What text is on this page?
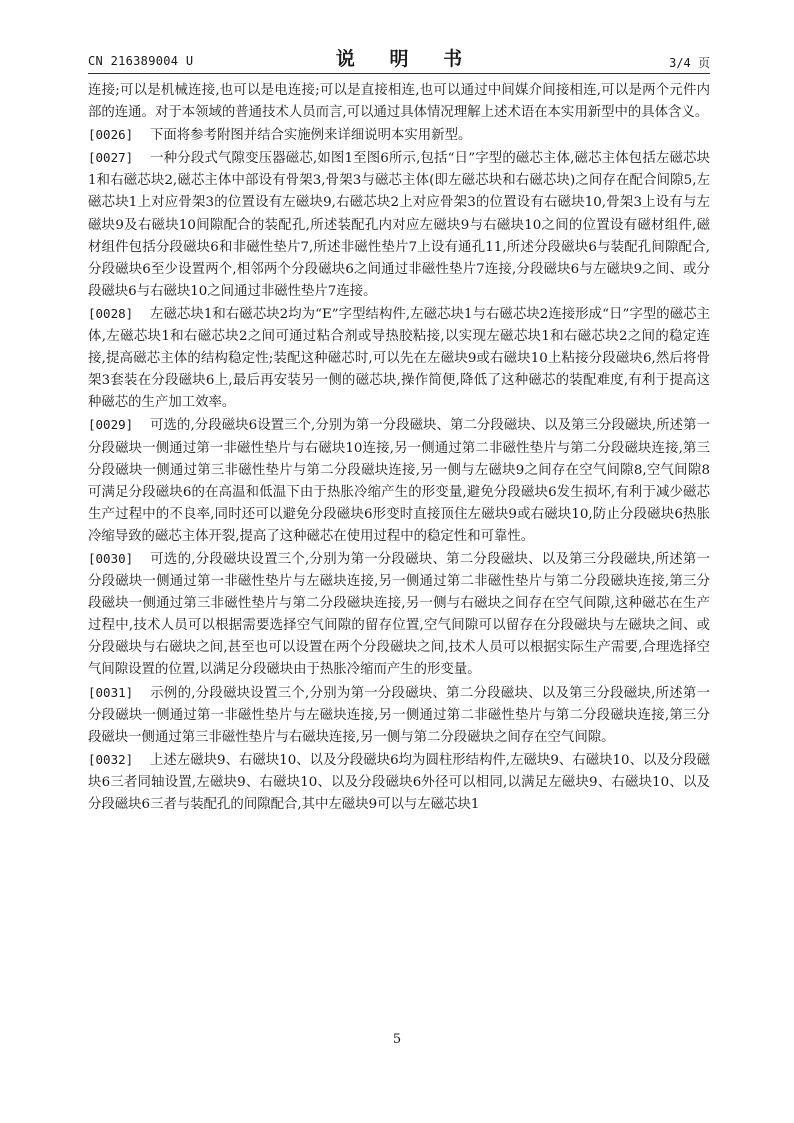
CN 216389004 U	说 明 书	3/4 页

连接;可以是机械连接,也可以是电连接;可以是直接相连,也可以通过中间媒介间接相连,可以是两个元件内部的连通。对于本领域的普通技术人员而言,可以通过具体情况理解上述术语在本实用新型中的具体含义。

[0026] 下面将参考附图并结合实施例来详细说明本实用新型。

[0027] 一种分段式气隙变压器磁芯,如图1至图6所示,包括“日”字型的磁芯主体,磁芯主体包括左磁芯块1和右磁芯块2,磁芯主体中部设有骨架3,骨架3与磁芯主体(即左磁芯块和右磁芯块)之间存在配合间隙5,左磁芯块1上对应骨架3的位置设有左磁块9,右磁芯块2上对应骨架3的位置设有右磁块10,骨架3上设有与左磁块9及右磁块10间隙配合的装配孔,所述装配孔内对应左磁块9与右磁块10之间的位置设有磁材组件,磁材组件包括分段磁块6和非磁性垫片7,所述非磁性垫片7上设有通孔11,所述分段磁块6与装配孔间隙配合,分段磁块6至少设置两个,相邻两个分段磁块6之间通过非磁性垫片7连接,分段磁块6与左磁块9之间、或分段磁块6与右磁块10之间通过非磁性垫片7连接。

[0028] 左磁芯块1和右磁芯块2均为“E”字型结构件,左磁芯块1与右磁芯块2连接形成“日”字型的磁芯主体,左磁芯块1和右磁芯块2之间可通过粘合剂或导热胶粘接,以实现左磁芯块1和右磁芯块2之间的稳定连接,提高磁芯主体的结构稳定性;装配这种磁芯时,可以先在左磁块9或右磁块10上粘接分段磁块6,然后将骨架3套装在分段磁块6上,最后再安装另一侧的磁芯块,操作简便,降低了这种磁芯的装配难度,有利于提高这种磁芯的生产加工效率。

[0029] 可选的,分段磁块6设置三个,分别为第一分段磁块、第二分段磁块、以及第三分段磁块,所述第一分段磁块一侧通过第一非磁性垫片与右磁块10连接,另一侧通过第二非磁性垫片与第二分段磁块连接,第三分段磁块一侧通过第三非磁性垫片与第二分段磁块连接,另一侧与左磁块9之间存在空气间隙8,空气间隙8可满足分段磁块6的在高温和低温下由于热胀冷缩产生的形变量,避免分段磁块6发生损坏,有利于减少磁芯生产过程中的不良率,同时还可以避免分段磁块6形变时直接顶住左磁块9或右磁块10,防止分段磁块6热胀冷缩导致的磁芯主体开裂,提高了这种磁芯在使用过程中的稳定性和可靠性。

[0030] 可选的,分段磁块设置三个,分别为第一分段磁块、第二分段磁块、以及第三分段磁块,所述第一分段磁块一侧通过第一非磁性垫片与左磁块连接,另一侧通过第二非磁性垫片与第二分段磁块连接,第三分段磁块一侧通过第三非磁性垫片与第二分段磁块连接,另一侧与右磁块之间存在空气间隙,这种磁芯在生产过程中,技术人员可以根据需要选择空气间隙的留存位置,空气间隙可以留存在分段磁块与左磁块之间、或分段磁块与右磁块之间,甚至也可以设置在两个分段磁块之间,技术人员可以根据实际生产需要,合理选择空气间隙设置的位置,以满足分段磁块由于热胀冷缩而产生的形变量。

[0031] 示例的,分段磁块设置三个,分别为第一分段磁块、第二分段磁块、以及第三分段磁块,所述第一分段磁块一侧通过第一非磁性垫片与左磁块连接,另一侧通过第二非磁性垫片与第二分段磁块连接,第三分段磁块一侧通过第三非磁性垫片与右磁块连接,另一侧与第二分段磁块之间存在空气间隙。

[0032] 上述左磁块9、右磁块10、以及分段磁块6均为圆柱形结构件,左磁块9、右磁块10、以及分段磁块6三者同轴设置,左磁块9、右磁块10、以及分段磁块6外径可以相同,以满足左磁块9、右磁块10、以及分段磁块6三者与装配孔的间隙配合,其中左磁块9可以与左磁芯块1

5
